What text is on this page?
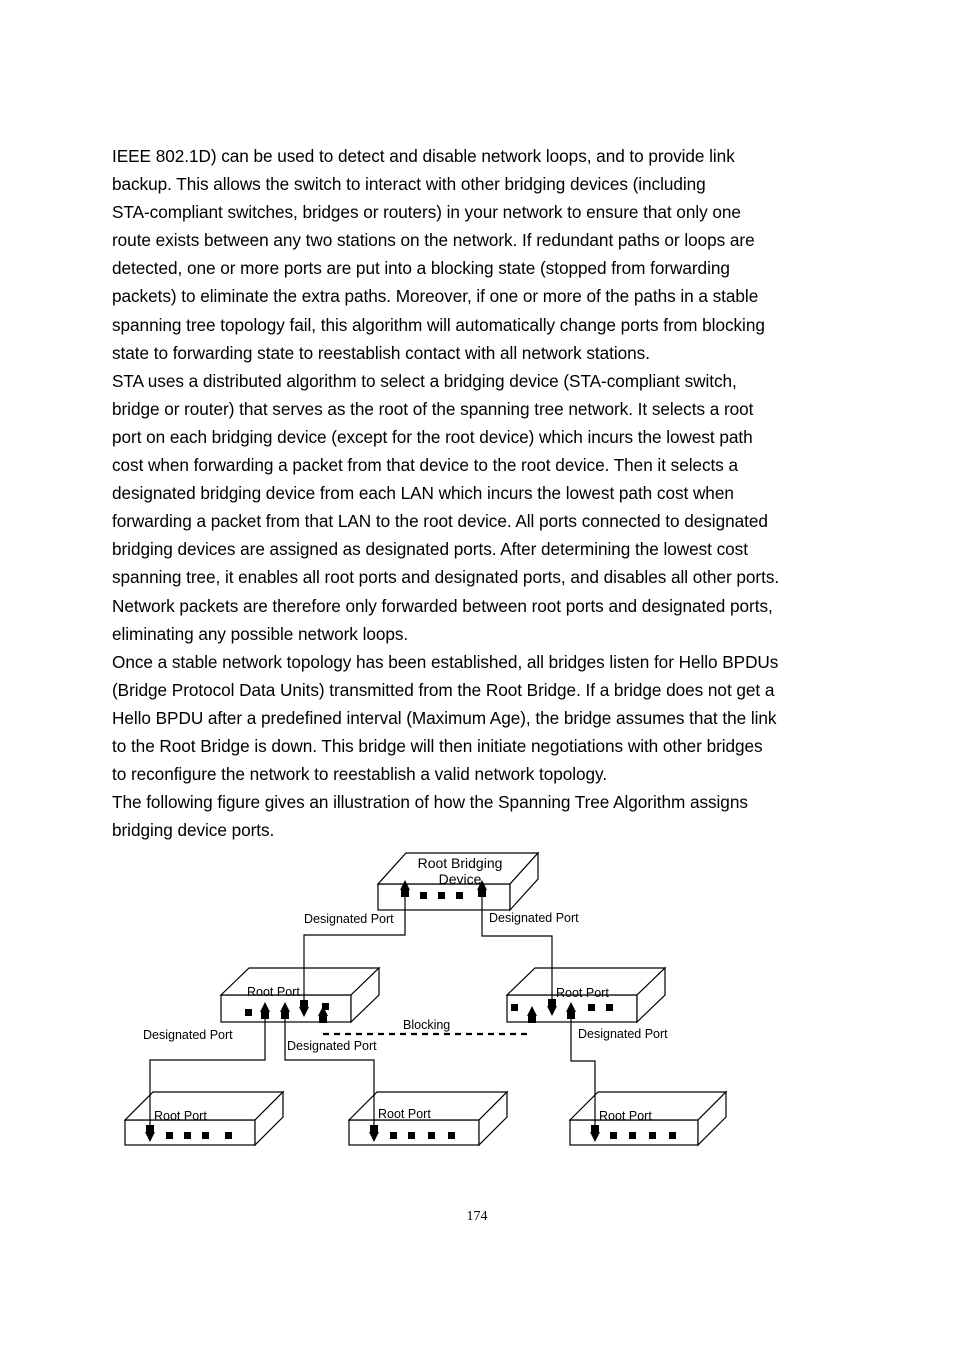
IEEE 802.1D) can be used to detect and disable network loops, and to provide link
backup. This allows the switch to interact with other bridging devices (including
STA-compliant switches, bridges or routers) in your network to ensure that only one
route exists between any two stations on the network. If redundant paths or loops are
detected, one or more ports are put into a blocking state (stopped from forwarding
packets) to eliminate the extra paths. Moreover, if one or more of the paths in a stable
spanning tree topology fail, this algorithm will automatically change ports from blocking
state to forwarding state to reestablish contact with all network stations.
STA uses a distributed algorithm to select a bridging device (STA-compliant switch,
bridge or router) that serves as the root of the spanning tree network. It selects a root
port on each bridging device (except for the root device) which incurs the lowest path
cost when forwarding a packet from that device to the root device. Then it selects a
designated bridging device from each LAN which incurs the lowest path cost when
forwarding a packet from that LAN to the root device. All ports connected to designated
bridging devices are assigned as designated ports. After determining the lowest cost
spanning tree, it enables all root ports and designated ports, and disables all other ports.
Network packets are therefore only forwarded between root ports and designated ports,
eliminating any possible network loops.
Once a stable network topology has been established, all bridges listen for Hello BPDUs
(Bridge Protocol Data Units) transmitted from the Root Bridge. If a bridge does not get a
Hello BPDU after a predefined interval (Maximum Age), the bridge assumes that the link
to the Root Bridge is down. This bridge will then initiate negotiations with other bridges
to reconfigure the network to reestablish a valid network topology.
The following figure gives an illustration of how the Spanning Tree Algorithm assigns
bridging device ports.
Root Bridging
Device
Designated Port	Designated Port
Root Port	Root Port
Designated Port
Designated Port
Designated Port
Blocking
Root Port	Root Port	Root Port
174
